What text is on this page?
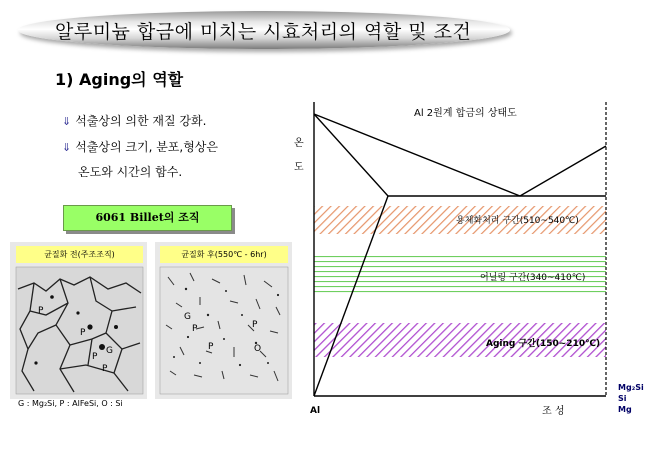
알루미늄 합금에 미치는 시효처리의 역할 및 조건
1) Aging의 역할
⇓ 석출상의 의한 재질 강화.
⇓ 석출상의 크기, 분포,형상은
온도와 시간의 함수.
6061 Billet의 조직
균질화 전(주조조직)	균질화 후(550℃ - 6hr)
P
P
G
P
P
G
P	P
P	O
G : Mg₂Si, P : AlFeSi, O : Si
Al 2원계 합금의 상태도
온
도
용체화처리 구간(510~540℃)
어닐링 구간(340~410℃)
Aging 구간(150~210℃)
Al	조 성
Mg₂Si
Si
Mg
